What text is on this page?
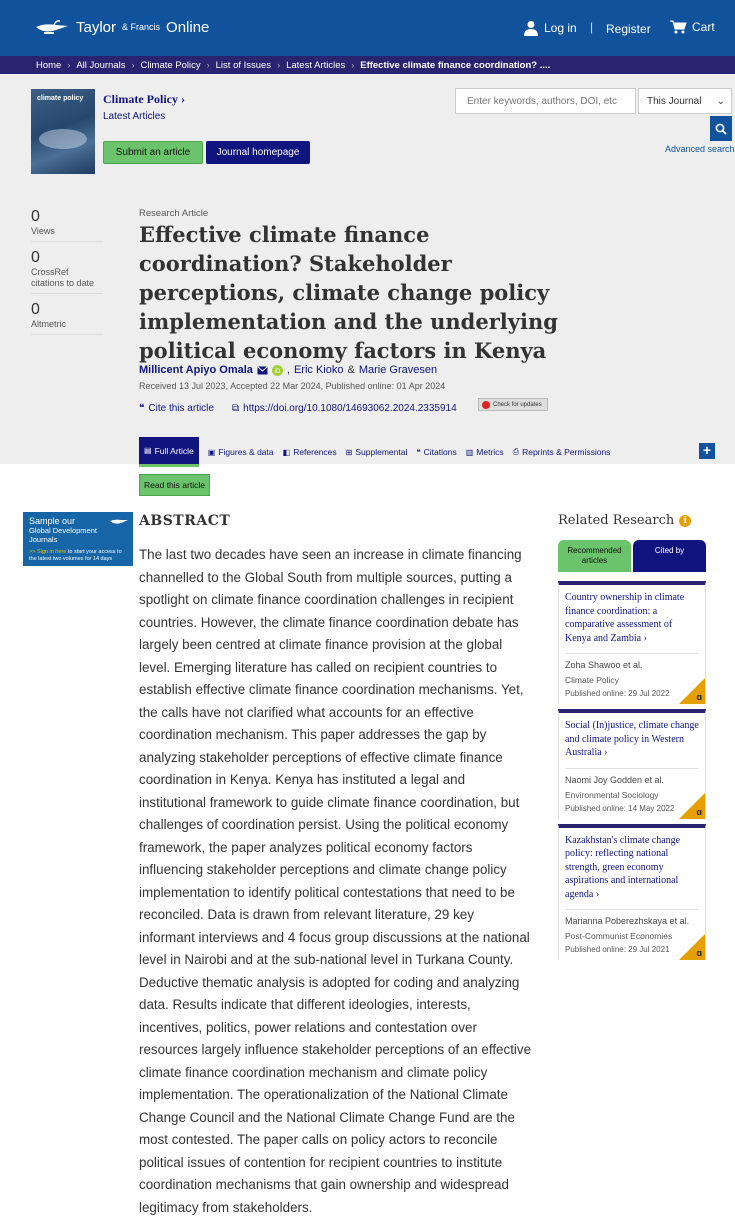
Taylor & Francis Online	Log in | Register	Cart
Home › All Journals › Climate Policy › List of Issues › Latest Articles › Effective climate finance coordination? ....
climate policy Climate Policy ›
Latest Articles
Submit an article	Journal homepage
Enter keywords, authors, DOI, etc
This Journal ⌄
Advanced search
0
Views
0
CrossRef citations to date
0
Altmetric
Research Article
Effective climate finance coordination? Stakeholder perceptions, climate change policy implementation and the underlying political economy factors in Kenya
Millicent Apiyo Omala	iD , Eric Kioko & Marie Gravesen
Received 13 Jul 2023, Accepted 22 Mar 2024, Published online: 01 Apr 2024
❝ Cite this article ⧉ https://doi.org/10.1080/14693062.2024.2335914	Check for updates
▤ Full Article ▣ Figures & data ◧ References ⊞ Supplemental ❝ Citations ▥ Metrics ⎙ Reprints & Permissions	+
Read this article
Sample our
Global Development Journals
>> Sign in here to start your access to the latest two volumes for 14 days
ABSTRACT

The last two decades have seen an increase in climate financing channelled to the Global South from multiple sources, putting a spotlight on climate finance coordination challenges in recipient countries. However, the climate finance coordination debate has largely been centred at climate finance provision at the global level. Emerging literature has called on recipient countries to establish effective climate finance coordination mechanisms. Yet, the calls have not clarified what accounts for an effective coordination mechanism. This paper addresses the gap by analyzing stakeholder perceptions of effective climate finance coordination in Kenya. Kenya has instituted a legal and institutional framework to guide climate finance coordination, but challenges of coordination persist. Using the political economy framework, the paper analyzes political economy factors influencing stakeholder perceptions and climate change policy implementation to identify political contestations that need to be reconciled. Data is drawn from relevant literature, 29 key informant interviews and 4 focus group discussions at the national level in Nairobi and at the sub-national level in Turkana County. Deductive thematic analysis is adopted for coding and analyzing data. Results indicate that different ideologies, interests, incentives, politics, power relations and contestation over resources largely influence stakeholder perceptions of an effective climate finance coordination mechanism and climate policy implementation. The operationalization of the National Climate Change Council and the National Climate Change Fund are the most contested. The paper calls on policy actors to reconcile political issues of contention for recipient countries to institute coordination mechanisms that gain ownership and widespread legitimacy from stakeholders.

Related Research	i
Recommended articles
Cited by
Country ownership in climate finance coordination: a comparative assessment of Kenya and Zambia ›
Zoha Shawoo et al.
Climate Policy
Published online: 29 Jul 2022	ɑ
Social (In)justice, climate change and climate policy in Western Australia ›
Naomi Joy Godden et al.
Environmental Sociology
Published online: 14 May 2022	ɑ
Kazakhstan's climate change policy: reflecting national strength, green economy aspirations and international agenda ›
Marianna Poberezhskaya et al.
Post-Communist Economies
Published online: 29 Jul 2021	ɑ
